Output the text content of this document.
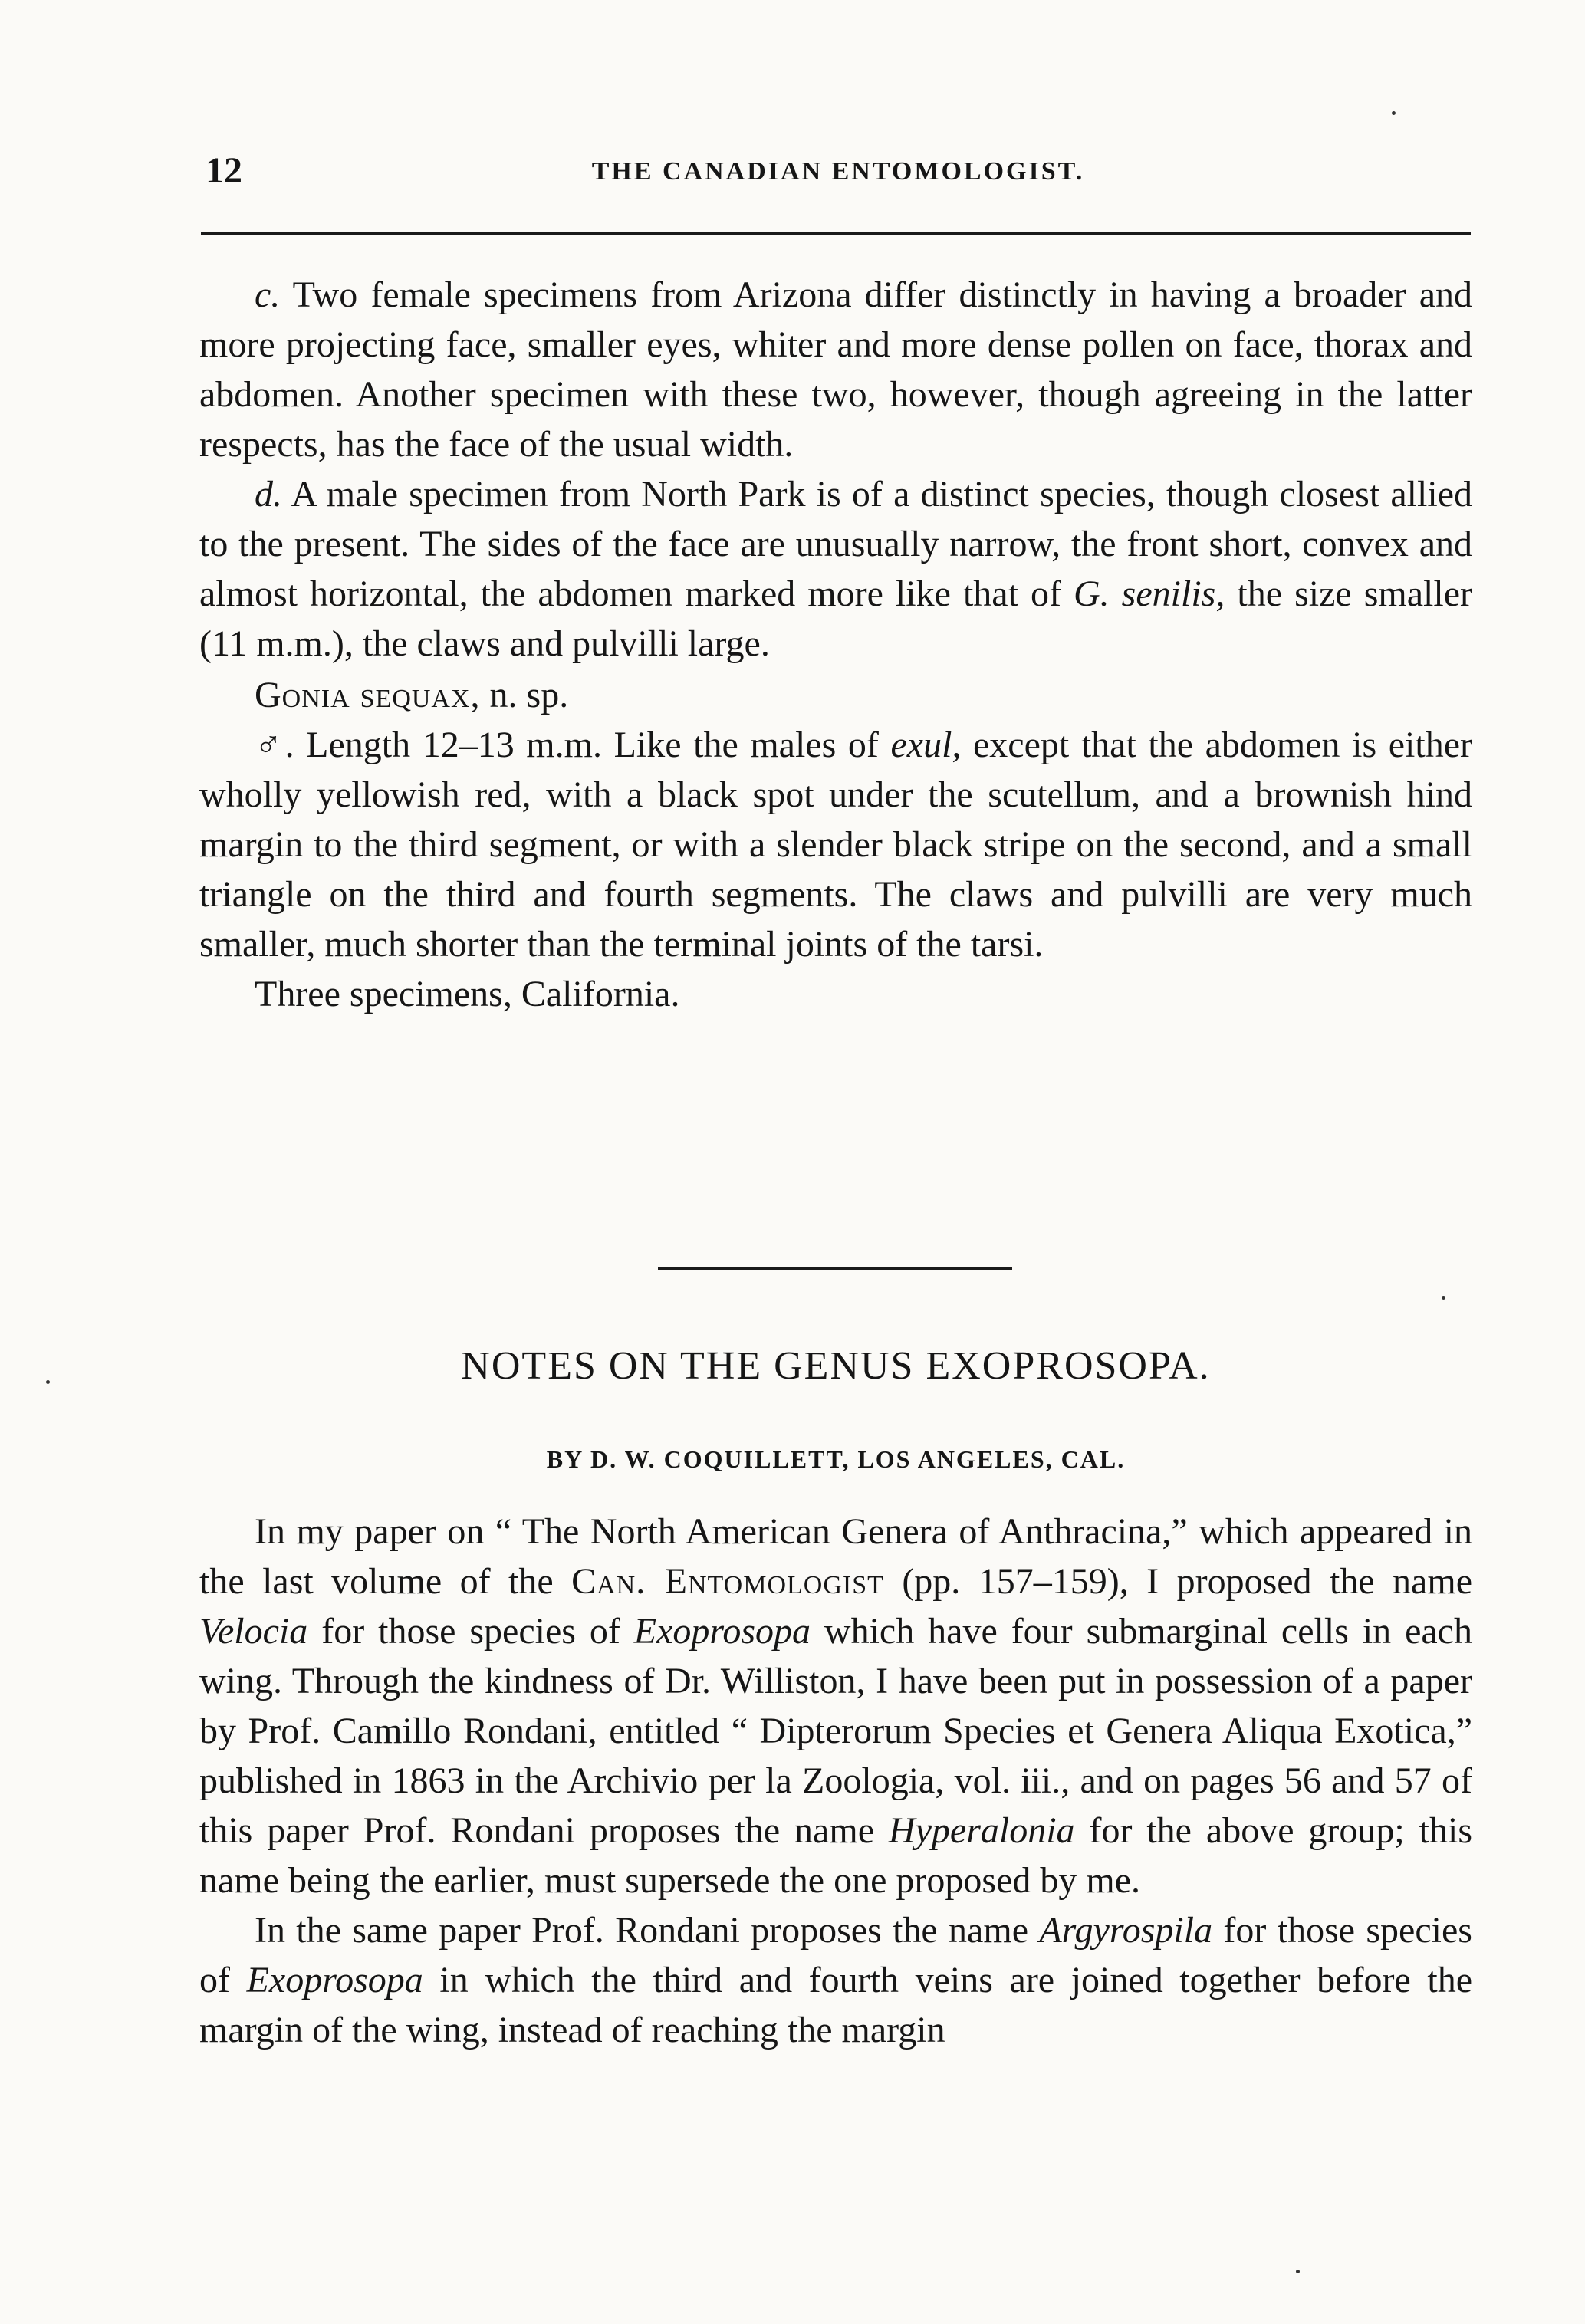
12	THE CANADIAN ENTOMOLOGIST.

c. Two female specimens from Arizona differ distinctly in having a broader and more projecting face, smaller eyes, whiter and more dense pollen on face, thorax and abdomen. Another specimen with these two, however, though agreeing in the latter respects, has the face of the usual width.

d. A male specimen from North Park is of a distinct species, though closest allied to the present. The sides of the face are unusually narrow, the front short, convex and almost horizontal, the abdomen marked more like that of G. senilis, the size smaller (11 m.m.), the claws and pulvilli large.

Gonia sequax, n. sp.

♂. Length 12–13 m.m. Like the males of exul, except that the abdomen is either wholly yellowish red, with a black spot under the scutellum, and a brownish hind margin to the third segment, or with a slender black stripe on the second, and a small triangle on the third and fourth segments. The claws and pulvilli are very much smaller, much shorter than the terminal joints of the tarsi.

Three specimens, California.

NOTES ON THE GENUS EXOPROSOPA.
BY D. W. COQUILLETT, LOS ANGELES, CAL.

In my paper on “ The North American Genera of Anthracina,” which appeared in the last volume of the Can. Entomologist (pp. 157–159), I proposed the name Velocia for those species of Exoprosopa which have four submarginal cells in each wing. Through the kindness of Dr. Williston, I have been put in possession of a paper by Prof. Camillo Rondani, entitled “ Dipterorum Species et Genera Aliqua Exotica,” published in 1863 in the Archivio per la Zoologia, vol. iii., and on pages 56 and 57 of this paper Prof. Rondani proposes the name Hyperalonia for the above group; this name being the earlier, must supersede the one proposed by me.

In the same paper Prof. Rondani proposes the name Argyrospila for those species of Exoprosopa in which the third and fourth veins are joined together before the margin of the wing, instead of reaching the margin
